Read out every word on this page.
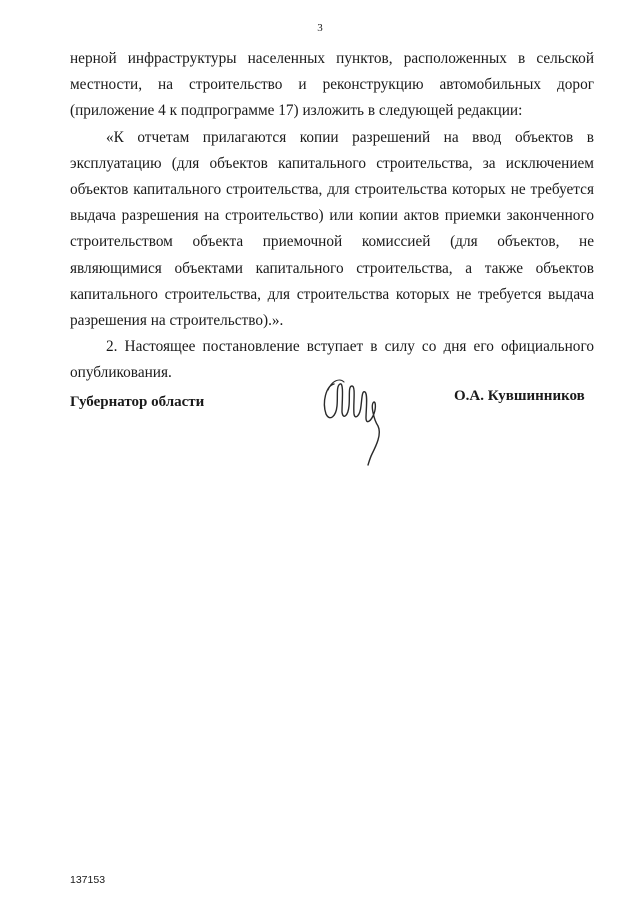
3

нерной инфраструктуры населенных пунктов, расположенных в сельской местности, на строительство и реконструкцию автомобильных дорог (приложение 4 к подпрограмме 17) изложить в следующей редакции:

«К отчетам прилагаются копии разрешений на ввод объектов в эксплуатацию (для объектов капитального строительства, за исключением объектов капитального строительства, для строительства которых не требуется выдача разрешения на строительство) или копии актов приемки законченного строительством объекта приемочной комиссией (для объектов, не являющимися объектами капитального строительства, а также объектов капитального строительства, для строительства которых не требуется выдача разрешения на строительство).».

2. Настоящее постановление вступает в силу со дня его официального опубликования.

Губернатор области	О.А. Кувшинников
137153
